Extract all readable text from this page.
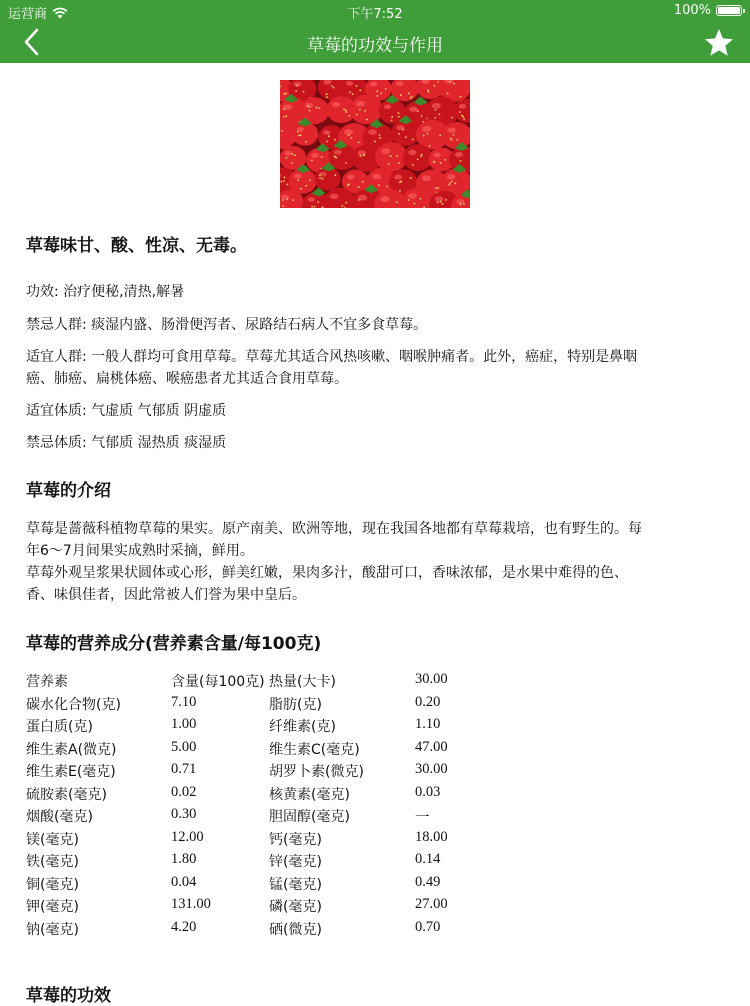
运营商	下午7:52	100%
草莓的功效与作用
草莓味甘、酸、性凉、无毒。
功效: 治疗便秘,清热,解暑
禁忌人群: 痰湿内盛、肠滑便泻者、尿路结石病人不宜多食草莓。
适宜人群: 一般人群均可食用草莓。草莓尤其适合风热咳嗽、咽喉肿痛者。此外，癌症，特别是鼻咽
癌、肺癌、扁桃体癌、喉癌患者尤其适合食用草莓。
适宜体质: 气虚质 气郁质 阴虚质
禁忌体质: 气郁质 湿热质 痰湿质
草莓的介绍
草莓是蔷薇科植物草莓的果实。原产南美、欧洲等地，现在我国各地都有草莓栽培，也有野生的。每
年6～7月间果实成熟时采摘，鲜用。
草莓外观呈浆果状圆体或心形，鲜美红嫩，果肉多汁，酸甜可口，香味浓郁，是水果中难得的色、
香、味俱佳者，因此常被人们誉为果中皇后。
草莓的营养成分(营养素含量/每100克)
营养素	含量(每100克) 热量(大卡)	30.00
碳水化合物(克)	7.10	脂肪(克)	0.20
蛋白质(克)	1.00	纤维素(克)	1.10
维生素A(微克)	5.00	维生素C(毫克)	47.00
维生素E(毫克)	0.71	胡罗卜素(微克)	30.00
硫胺素(毫克)	0.02	核黄素(毫克)	0.03
烟酸(毫克)	0.30	胆固醇(毫克)	一
镁(毫克)	12.00	钙(毫克)	18.00
铁(毫克)	1.80	锌(毫克)	0.14
铜(毫克)	0.04	锰(毫克)	0.49
钾(毫克)	131.00	磷(毫克)	27.00
钠(毫克)	4.20	硒(微克)	0.70
草莓的功效
